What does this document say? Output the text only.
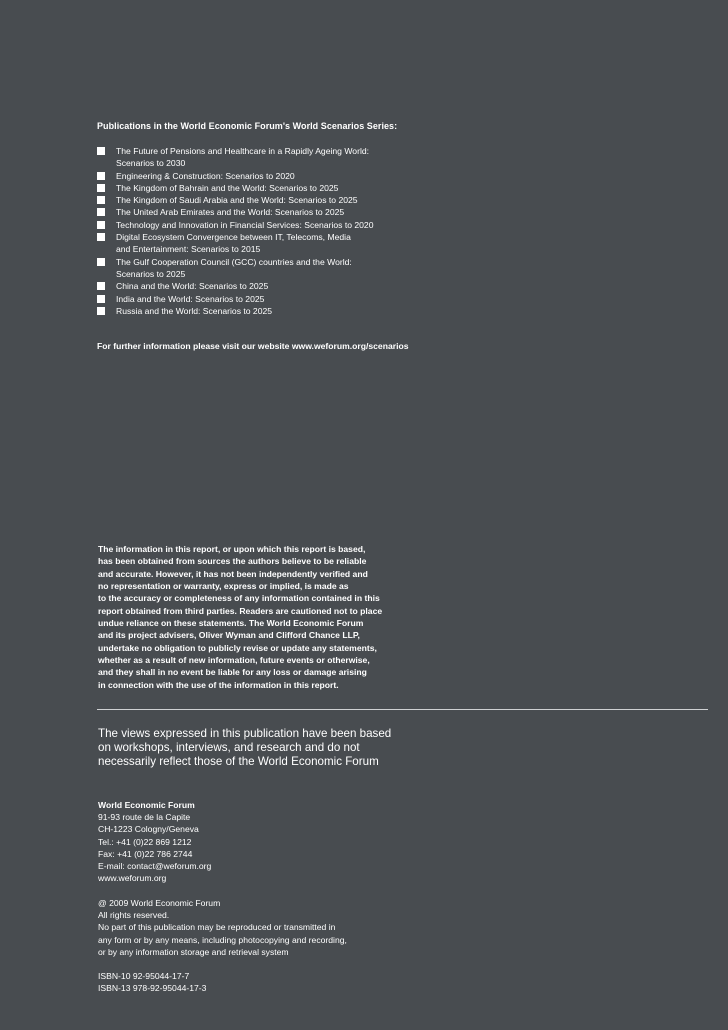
Publications in the World Economic Forum's World Scenarios Series:
The Future of Pensions and Healthcare in a Rapidly Ageing World:
Scenarios to 2030
Engineering & Construction: Scenarios to 2020
The Kingdom of Bahrain and the World: Scenarios to 2025
The Kingdom of Saudi Arabia and the World: Scenarios to 2025
The United Arab Emirates and the World: Scenarios to 2025
Technology and Innovation in Financial Services: Scenarios to 2020
Digital Ecosystem Convergence between IT, Telecoms, Media
and Entertainment: Scenarios to 2015
The Gulf Cooperation Council (GCC) countries and the World:
Scenarios to 2025
China and the World: Scenarios to 2025
India and the World: Scenarios to 2025
Russia and the World: Scenarios to 2025
For further information please visit our website www.weforum.org/scenarios

The information in this report, or upon which this report is based,

has been obtained from sources the authors believe to be reliable

and accurate. However, it has not been independently verified and

no representation or warranty, express or implied, is made as

to the accuracy or completeness of any information contained in this

report obtained from third parties. Readers are cautioned not to place

undue reliance on these statements. The World Economic Forum

and its project advisers, Oliver Wyman and Clifford Chance LLP,

undertake no obligation to publicly revise or update any statements,

whether as a result of new information, future events or otherwise,

and they shall in no event be liable for any loss or damage arising

in connection with the use of the information in this report.

The views expressed in this publication have been based

on workshops, interviews, and research and do not

necessarily reflect those of the World Economic Forum

World Economic Forum
91-93 route de la Capite
CH-1223 Cologny/Geneva
Tel.: +41 (0)22 869 1212
Fax: +41 (0)22 786 2744
E-mail: contact@weforum.org
www.weforum.org
@ 2009 World Economic Forum
All rights reserved.
No part of this publication may be reproduced or transmitted in
any form or by any means, including photocopying and recording,
or by any information storage and retrieval system
ISBN-10 92-95044-17-7
ISBN-13 978-92-95044-17-3
